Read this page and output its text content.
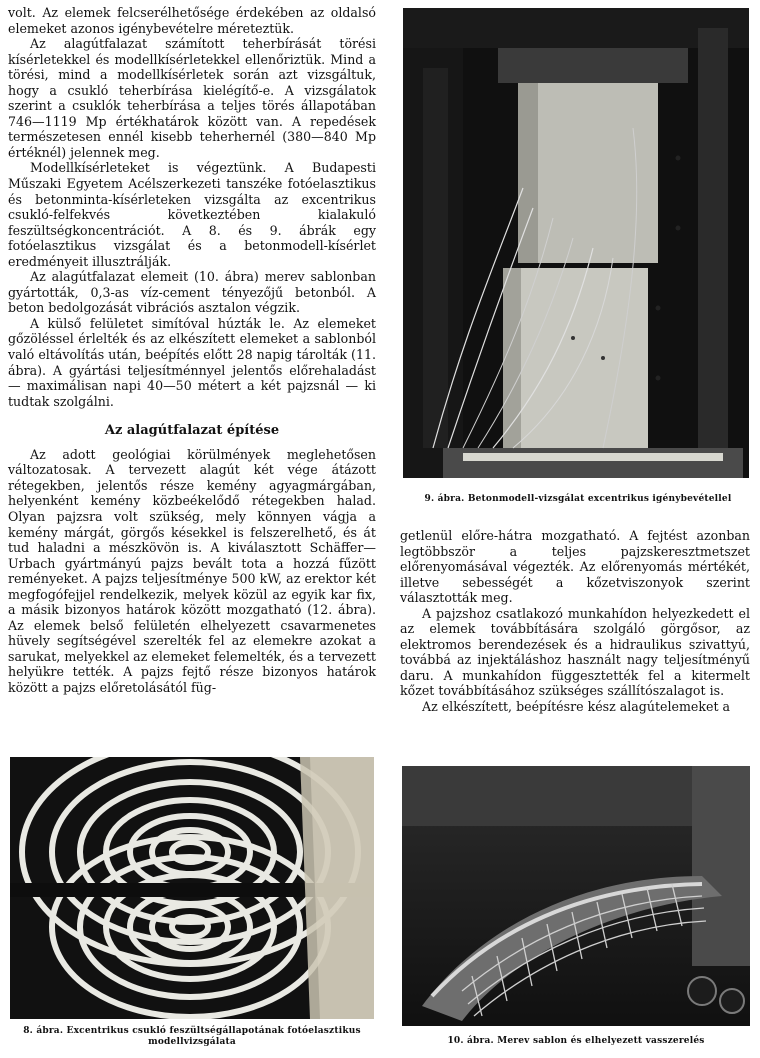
volt. Az elemek felcserélhetősége érdekében az oldalsó elemeket azonos igénybevételre méreteztük.

Az alagútfalazat számított teherbírását törési kísérletekkel és modellkísérletekkel ellenőriztük. Mind a törési, mind a modellkísérletek során azt vizsgáltuk, hogy a csukló teherbírása kielégítő-e. A vizsgálatok szerint a csuklók teherbírása a teljes törés állapotában 746—1119 Mp értékhatárok között van. A repedések természetesen ennél kisebb teherhernél (380—840 Mp értéknél) jelennek meg.

Modellkísérleteket is végeztünk. A Budapesti Műszaki Egyetem Acélszerkezeti tanszéke fotóelasztikus és betonminta-kísérleteken vizsgálta az excentrikus csukló-felfekvés következtében kialakuló feszültségkoncentrációt. A 8. és 9. ábrák egy fotóelasztikus vizsgálat és a betonmodell-kísérlet eredményeit illusztrálják.

Az alagútfalazat elemeit (10. ábra) merev sablonban gyártották, 0,3-as víz-cement tényezőjű betonból. A beton bedolgozását vibrációs asztalon végzik.

A külső felületet simítóval húzták le. Az elemeket gőzöléssel érlelték és az elkészített elemeket a sablonból való eltávolítás után, beépítés előtt 28 napig tárolták (11. ábra). A gyártási teljesítménnyel jelentős előrehaladást — maximálisan napi 40—50 métert a két pajzsnál — ki tudtak szolgálni.

Az alagútfalazat építése

Az adott geológiai körülmények meglehetősen változatosak. A tervezett alagút két vége átázott rétegekben, jelentős része kemény agyagmárgában, helyenként kemény közbeékelődő rétegekben halad. Olyan pajzsra volt szükség, mely könnyen vágja a kemény márgát, görgős késekkel is felszerelhető, és át tud haladni a mészkövön is. A kiválasztott Schäffer—Urbach gyártmányú pajzs bevált tota a hozzá fűzött reményeket. A pajzs teljesítménye 500 kW, az erektor két megfogófejjel rendelkezik, melyek közül az egyik kar fix, a másik bizonyos határok között mozgatható (12. ábra). Az elemek belső felületén elhelyezett csavarmenetes hüvely segítségével szerelték fel az elemekre azokat a sarukat, melyekkel az elemeket felemelték, és a tervezett helyükre tették. A pajzs fejtő része bizonyos határok között a pajzs előretolásától füg-

9. ábra. Betonmodell-vizsgálat excentrikus igénybevétellel

getlenül előre-hátra mozgatható. A fejtést azonban legtöbbször a teljes pajzskeresztmetszet előrenyomásával végezték. Az előrenyomás mértékét, illetve sebességét a kőzetviszonyok szerint választották meg.

A pajzshoz csatlakozó munkahídon helyezkedett el az elemek továbbítására szolgáló görgősor, az elektromos berendezések és a hidraulikus szivattyú, továbbá az injektáláshoz használt nagy teljesítményű daru. A munkahídon függesztették fel a kitermelt kőzet továbbításához szükséges szállítószalagot is.

Az elkészített, beépítésre kész alagútelemeket a

8. ábra. Excentrikus csukló feszültségállapotának fotóelasztikus modellvizsgálata	10. ábra. Merev sablon és elhelyezett vasszerelés
